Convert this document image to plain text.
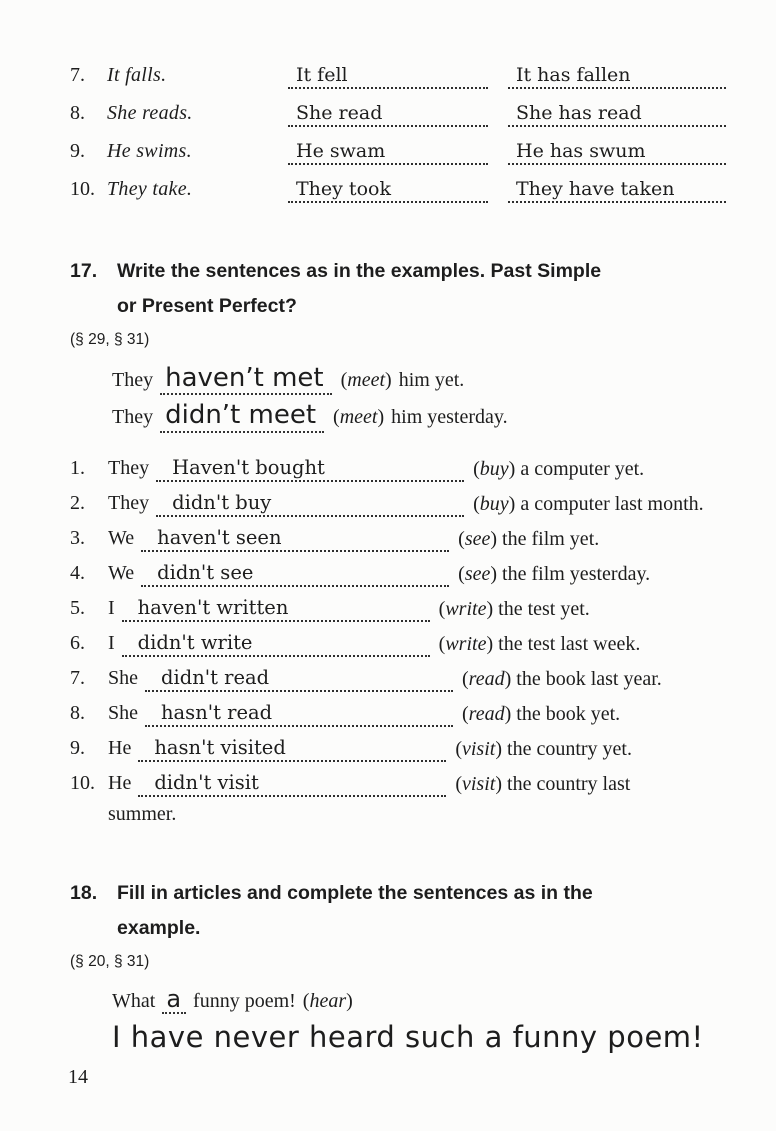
7.	It falls.	It fell	It has fallen
8.	She reads.	She read	She has read
9.	He swims.	He swam	He has swum
10. They take.	They took	They have taken
17.	Write the sentences as in the examples. Past Simple
or Present Perfect?
(§ 29, § 31)
They haven’t met (meet) him yet.
They didn’t meet (meet) him yesterday.
1.	They Haven't bought	(buy) a computer yet.
2.	They didn't buy	(buy) a computer last month.
3.	We haven't seen	(see) the film yet.
4.	We didn't see	(see) the film yesterday.
5.	I haven't written	(write) the test yet.
6.	I didn't write	(write) the test last week.
7.	She didn't read	(read) the book last year.
8.	She hasn't read	(read) the book yet.
9.	He hasn't visited	(visit) the country yet.
10. He didn't visit	(visit) the country last
summer.
18.	Fill in articles and complete the sentences as in the
example.
(§ 20, § 31)
What a funny poem! (hear)
I have never heard such a funny poem!
14
